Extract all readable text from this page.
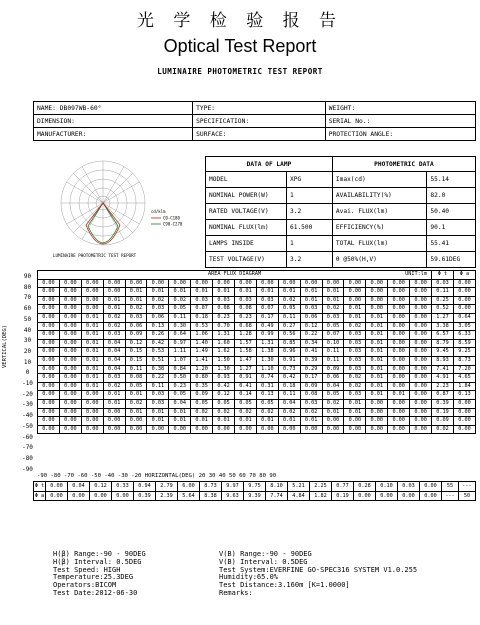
光 学 检 验 报 告
Optical Test Report
LUMINAIRE PHOTOMETRIC TEST REPORT
NAME: DB097WB-60°	TYPE:	WEIGHT:
DIMENSION:	SPECIFICATION:	SERIAL No.:
MANUFACTURER:	SURFACE:	PROTECTION ANGLE:
C0-C180
C90-C270
cd/klm
LUMINAIRE PHOTOMETRIC TEST REPORT
DATA OF LAMP		PHOTOMETRIC DATA	
MODEL	XPG	Imax(cd)	55.14
NOMINAL POWER(W)	1	AVAILABILITY(%)	82.0
RATED VOLTAGE(V)	3.2	Avai. FLUX(lm)	50.40
NOMINAL FLUX(lm)	61.500	EFFICIENCY(%)	90.1
LAMPS INSIDE	1	TOTAL FLUX(lm)	55.41
TEST VOLTAGE(V)	3.2	θ @50%(H,V)	59.61DEG
90
80
70
60
50
40
30
20
10
0
-10
-20
-30
-40
-50
-60
-70
-80
-90
VERTICAL(DEG)
AREA FLUX DIAGRAM UNIT:lm																		Φ t	Φ a
0.00	0.00	0.00	0.00	0.00	0.00	0.00	0.00	0.00	0.00	0.00	0.00	0.00	0.00	0.00	0.00	0.00	0.00	0.03	0.00
0.00	0.00	0.00	0.00	0.01	0.01	0.01	0.01	0.01	0.01	0.01	0.01	0.01	0.01	0.00	0.00	0.00	0.00	0.11	0.00
0.00	0.00	0.00	0.01	0.01	0.02	0.02	0.03	0.03	0.03	0.03	0.02	0.01	0.01	0.00	0.00	0.00	0.00	0.25	0.00
0.00	0.00	0.00	0.01	0.02	0.03	0.05	0.07	0.08	0.08	0.07	0.05	0.03	0.02	0.01	0.00	0.00	0.00	0.52	0.00
0.00	0.00	0.01	0.02	0.03	0.06	0.11	0.18	0.23	0.23	0.17	0.11	0.06	0.03	0.01	0.01	0.00	0.00	1.27	0.64
0.00	0.00	0.01	0.02	0.06	0.13	0.30	0.53	0.70	0.68	0.49	0.27	0.12	0.05	0.02	0.01	0.00	0.00	3.38	3.05
0.00	0.00	0.01	0.03	0.09	0.26	0.64	1.06	1.31	1.28	0.99	0.56	0.22	0.07	0.03	0.01	0.00	0.00	6.57	6.33
0.00	0.00	0.01	0.04	0.12	0.42	0.97	1.40	1.60	1.57	1.31	0.85	0.34	0.10	0.03	0.01	0.00	0.00	8.79	8.59
0.00	0.00	0.01	0.04	0.15	0.53	1.11	1.49	1.62	1.58	1.38	0.96	0.41	0.11	0.03	0.01	0.00	0.00	9.45	9.25
0.00	0.00	0.01	0.04	0.15	0.51	1.07	1.41	1.50	1.47	1.30	0.91	0.39	0.11	0.03	0.01	0.00	0.00	8.93	8.73
0.00	0.00	0.01	0.04	0.11	0.38	0.84	1.20	1.30	1.27	1.10	0.73	0.29	0.09	0.03	0.01	0.00	0.00	7.41	7.20
0.00	0.00	0.01	0.03	0.08	0.22	0.50	0.80	0.93	0.91	0.74	0.42	0.17	0.06	0.02	0.01	0.00	0.00	4.91	4.65
0.00	0.00	0.01	0.02	0.05	0.11	0.23	0.35	0.42	0.41	0.31	0.18	0.09	0.04	0.02	0.01	0.00	0.00	2.23	1.84
0.00	0.00	0.00	0.01	0.01	0.03	0.05	0.09	0.12	0.14	0.13	0.11	0.08	0.05	0.03	0.01	0.01	0.00	0.87	0.13
0.00	0.00	0.00	0.01	0.02	0.03	0.04	0.05	0.05	0.05	0.05	0.04	0.03	0.02	0.01	0.00	0.00	0.00	0.39	0.00
0.00	0.00	0.00	0.00	0.01	0.01	0.01	0.02	0.02	0.02	0.02	0.02	0.02	0.01	0.01	0.00	0.00	0.00	0.19	0.00
0.00	0.00	0.00	0.00	0.00	0.01	0.01	0.01	0.01	0.01	0.01	0.01	0.01	0.00	0.00	0.00	0.00	0.00	0.09	0.00
0.00	0.00	0.00	0.00	0.00	0.00	0.00	0.00	0.00	0.00	0.00	0.00	0.00	0.00	0.00	0.00	0.00	0.00	0.02	0.00
-90 -80 -70 -60 -50 -40 -30 -20 HORIZONTAL(DEG) 20 30 40 50 60 70 80 90
Φ t	0.00	0.04	0.12	0.33	0.94	2.79	6.00	8.73	9.97	9.75	8.10	5.21	2.25	0.77	0.28	0.10	0.03	0.00	55	---
Φ a	0.00	0.00	0.00	0.00	0.39	2.39	5.64	8.38	9.63	9.39	7.74	4.84	1.82	0.19	0.00	0.00	0.00	0.00	---	50
H(β) Range:-90 - 90DEG
H(β) Interval: 0.5DEG
Test Speed: HIGH
Temperature:25.3DEG
Operators:BICOM
Test Date:2012-06-30
V(B) Range:-90 - 90DEG
V(B) Interval: 0.5DEG
Test System:EVERFINE GO-SPEC316 SYSTEM V1.0.255
Humidity:65.0%
Test Distance:3.160m [K=1.0000]
Remarks:
